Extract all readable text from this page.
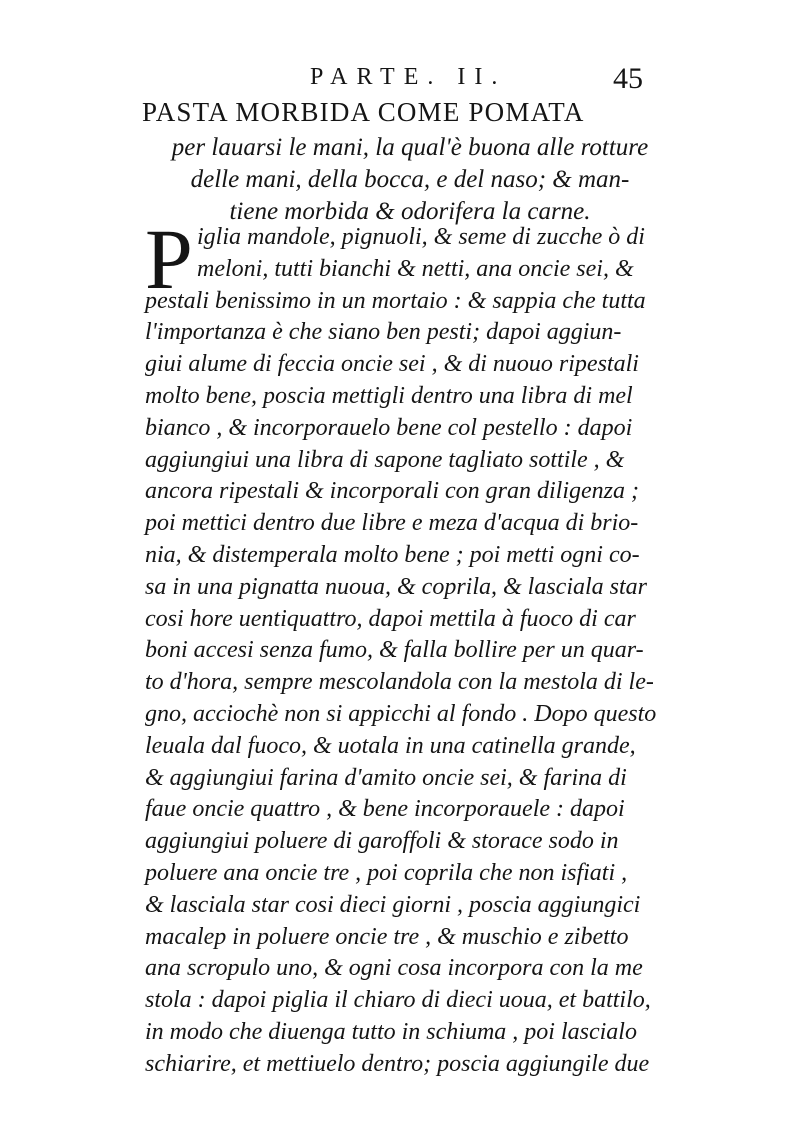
PARTE. II.	45
PASTA MORBIDA COME POMATA
per lauarsi le mani, la qual'è buona alle rotture
delle mani, della bocca, e del naso; & man-
tiene morbida & odorifera la carne.
P iglia mandole, pignuoli, & seme di zucche ò di
meloni, tutti bianchi & netti, ana oncie sei, &
pestali benissimo in un mortaio : & sappia che tutta
l'importanza è che siano ben pesti; dapoi aggiun-
giui alume di feccia oncie sei , & di nuouo ripestali
molto bene, poscia mettigli dentro una libra di mel
bianco , & incorporauelo bene col pestello : dapoi
aggiungiui una libra di sapone tagliato sottile , &
ancora ripestali & incorporali con gran diligenza ;
poi mettici dentro due libre e meza d'acqua di brio-
nia, & distemperala molto bene ; poi metti ogni co-
sa in una pignatta nuoua, & coprila, & lasciala star
cosi hore uentiquattro, dapoi mettila à fuoco di car
boni accesi senza fumo, & falla bollire per un quar-
to d'hora, sempre mescolandola con la mestola di le-
gno, acciochè non si appicchi al fondo . Dopo questo
leuala dal fuoco, & uotala in una catinella grande,
& aggiungiui farina d'amito oncie sei, & farina di
faue oncie quattro , & bene incorporauele : dapoi
aggiungiui poluere di garoffoli & storace sodo in
poluere ana oncie tre , poi coprila che non isfiati ,
& lasciala star cosi dieci giorni , poscia aggiungici
macalep in poluere oncie tre , & muschio e zibetto
ana scropulo uno, & ogni cosa incorpora con la me
stola : dapoi piglia il chiaro di dieci uoua, et battilo,
in modo che diuenga tutto in schiuma , poi lascialo
schiarire, et mettiuelo dentro; poscia aggiungile due
